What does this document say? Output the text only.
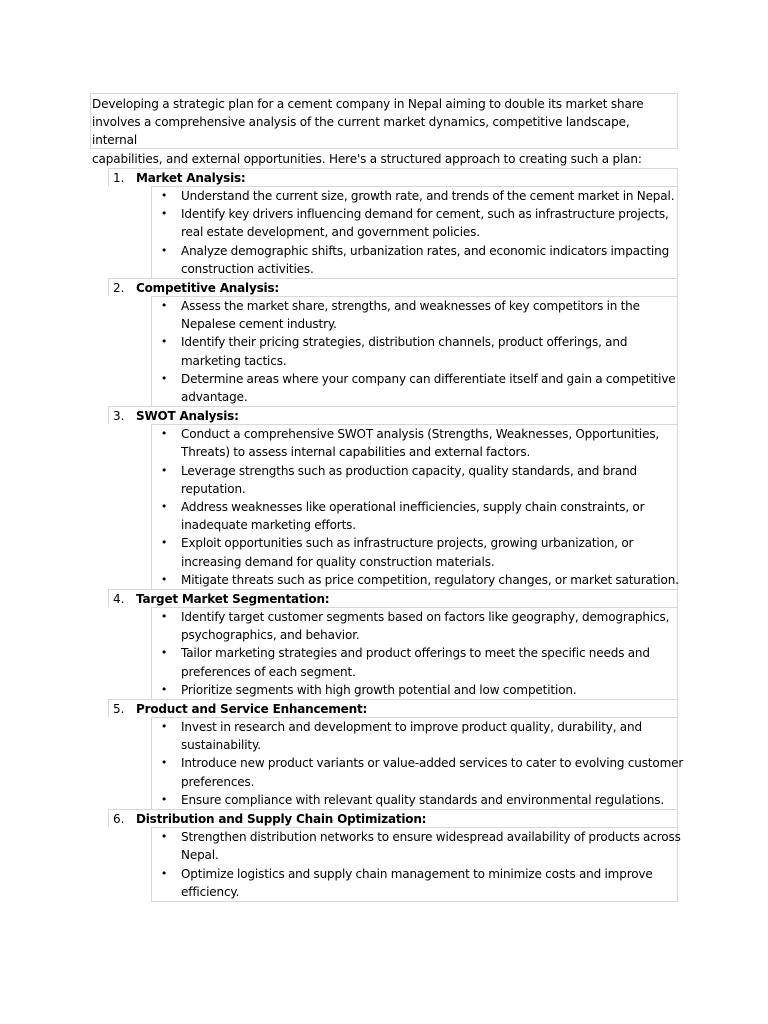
Developing a strategic plan for a cement company in Nepal aiming to double its market share
involves a comprehensive analysis of the current market dynamics, competitive landscape, internal
capabilities, and external opportunities. Here's a structured approach to creating such a plan:
1. Market Analysis:
• Understand the current size, growth rate, and trends of the cement market in Nepal.
• Identify key drivers influencing demand for cement, such as infrastructure projects,
real estate development, and government policies.
• Analyze demographic shifts, urbanization rates, and economic indicators impacting
construction activities.
2. Competitive Analysis:
• Assess the market share, strengths, and weaknesses of key competitors in the
Nepalese cement industry.
• Identify their pricing strategies, distribution channels, product offerings, and
marketing tactics.
• Determine areas where your company can differentiate itself and gain a competitive
advantage.
3. SWOT Analysis:
• Conduct a comprehensive SWOT analysis (Strengths, Weaknesses, Opportunities,
Threats) to assess internal capabilities and external factors.
• Leverage strengths such as production capacity, quality standards, and brand
reputation.
• Address weaknesses like operational inefficiencies, supply chain constraints, or
inadequate marketing efforts.
• Exploit opportunities such as infrastructure projects, growing urbanization, or
increasing demand for quality construction materials.
• Mitigate threats such as price competition, regulatory changes, or market saturation.
4. Target Market Segmentation:
• Identify target customer segments based on factors like geography, demographics,
psychographics, and behavior.
• Tailor marketing strategies and product offerings to meet the specific needs and
preferences of each segment.
• Prioritize segments with high growth potential and low competition.
5. Product and Service Enhancement:
• Invest in research and development to improve product quality, durability, and
sustainability.
• Introduce new product variants or value-added services to cater to evolving customer
preferences.
• Ensure compliance with relevant quality standards and environmental regulations.
6. Distribution and Supply Chain Optimization:
• Strengthen distribution networks to ensure widespread availability of products across
Nepal.
• Optimize logistics and supply chain management to minimize costs and improve
efficiency.
